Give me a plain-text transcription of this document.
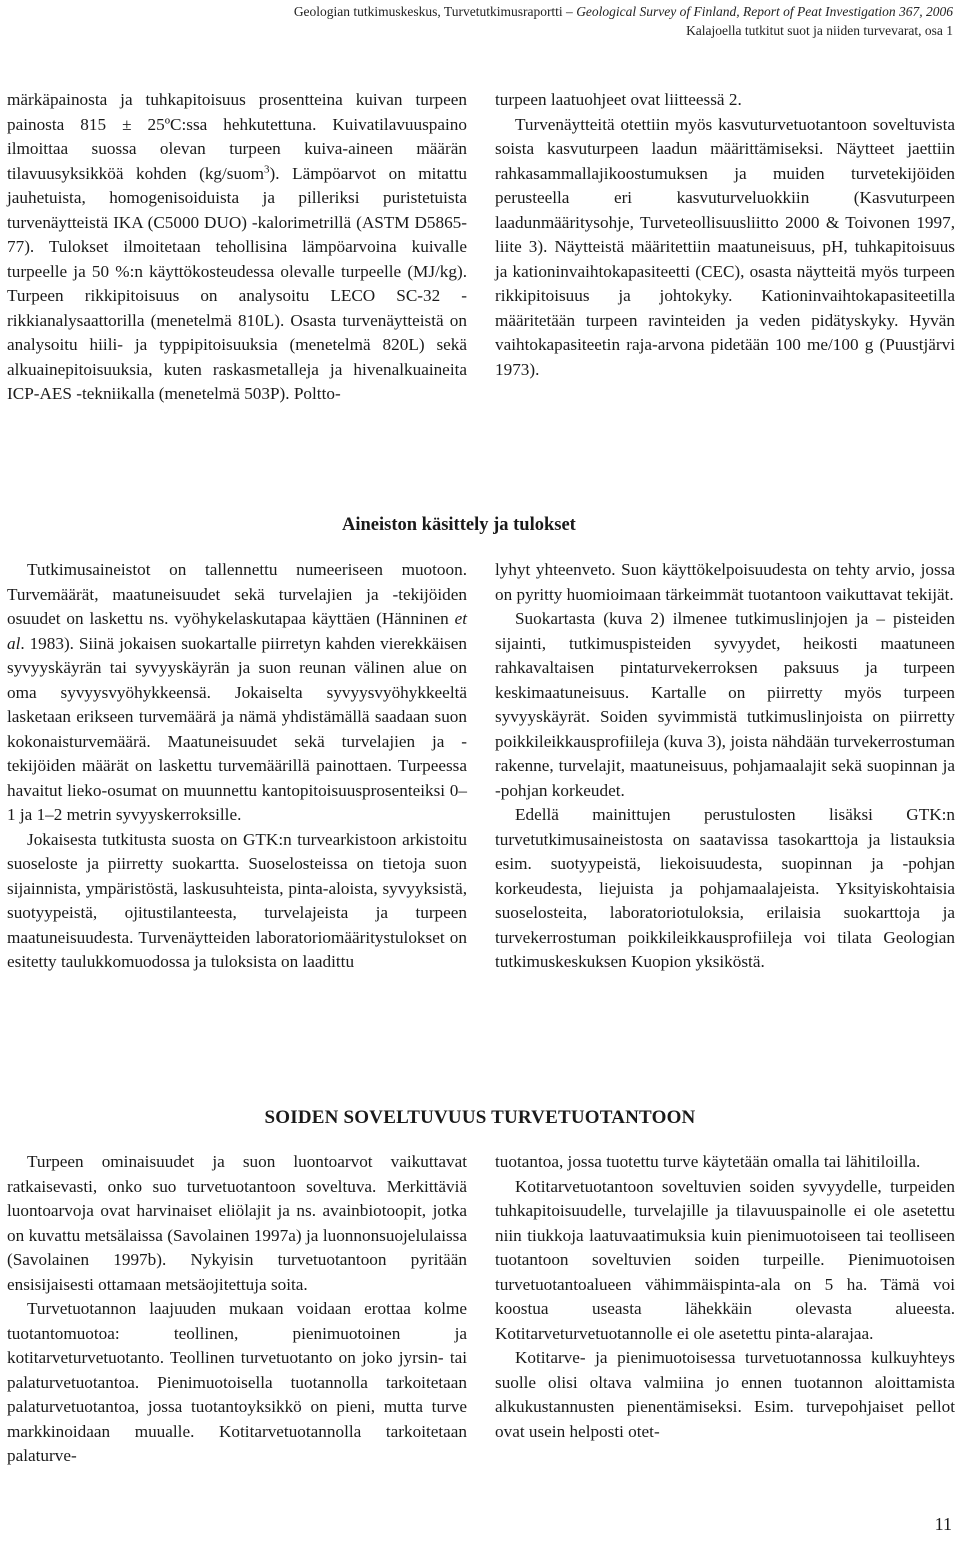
Geologian tutkimuskeskus, Turvetutkimusraportti – Geological Survey of Finland, Report of Peat Investigation 367, 2006
Kalajoella tutkitut suot ja niiden turvevarat, osa 1

märkäpainosta ja tuhkapitoisuus prosentteina kuivan turpeen painosta 815 ± 25ºC:ssa hehkutettuna. Kuivatilavuuspaino ilmoittaa suossa olevan turpeen kuiva-aineen määrän tilavuusyksikköä kohden (kg/suom$^3$). Lämpöarvot on mitattu jauhetuista, homogenisoiduista ja pilleriksi puristetuista turvenäytteistä IKA (C5000 DUO) -kalorimetrillä (ASTM D5865-77). Tulokset ilmoitetaan tehollisina lämpöarvoina kuivalle turpeelle ja 50 %:n käyttökosteudessa olevalle turpeelle (MJ/kg). Turpeen rikkipitoisuus on analysoitu LECO SC-32 -rikkianalysaattorilla (menetelmä 810L). Osasta turvenäytteistä on analysoitu hiili- ja typpipitoisuuksia (menetelmä 820L) sekä alkuainepitoisuuksia, kuten raskasmetalleja ja hivenalkuaineita ICP-AES -tekniikalla (menetelmä 503P). Poltto-

turpeen laatuohjeet ovat liitteessä 2.

Turvenäytteitä otettiin myös kasvuturvetuotantoon soveltuvista soista kasvuturpeen laadun määrittämiseksi. Näytteet jaettiin rahkasammallajikoostumuksen ja muiden turvetekijöiden perusteella eri kasvuturveluokkiin (Kasvuturpeen laadunmääritysohje, Turveteollisuusliitto 2000 & Toivonen 1997, liite 3). Näytteistä määritettiin maatuneisuus, pH, tuhkapitoisuus ja kationinvaihtokapasiteetti (CEC), osasta näytteitä myös turpeen rikkipitoisuus ja johtokyky. Kationinvaihtokapasiteetilla määritetään turpeen ravinteiden ja veden pidätyskyky. Hyvän vaihtokapasiteetin raja-arvona pidetään 100 me/100 g (Puustjärvi 1973).

Aineiston käsittely ja tulokset

Tutkimusaineistot on tallennettu numeeriseen muotoon. Turvemäärät, maatuneisuudet sekä turvelajien ja -tekijöiden osuudet on laskettu ns. vyöhykelaskutapaa käyttäen (Hänninen et al. 1983). Siinä jokaisen suokartalle piirretyn kahden vierekkäisen syvyyskäyrän tai syvyyskäyrän ja suon reunan välinen alue on oma syvyysvyöhykkeensä. Jokaiselta syvyysvyöhykkeeltä lasketaan erikseen turvemäärä ja nämä yhdistämällä saadaan suon kokonaisturvemäärä. Maatuneisuudet sekä turvelajien ja -tekijöiden määrät on laskettu turvemäärillä painottaen. Turpeessa havaitut lieko-osumat on muunnettu kantopitoisuusprosenteiksi 0–1 ja 1–2 metrin syvyyskerroksille.

Jokaisesta tutkitusta suosta on GTK:n turvearkistoon arkistoitu suoseloste ja piirretty suokartta. Suoselosteissa on tietoja suon sijainnista, ympäristöstä, laskusuhteista, pinta-aloista, syvyyksistä, suotyypeistä, ojitustilanteesta, turvelajeista ja turpeen maatuneisuudesta. Turvenäytteiden laboratoriomääritystulokset on esitetty taulukkomuodossa ja tuloksista on laadittu

lyhyt yhteenveto. Suon käyttökelpoisuudesta on tehty arvio, jossa on pyritty huomioimaan tärkeimmät tuotantoon vaikuttavat tekijät.

Suokartasta (kuva 2) ilmenee tutkimuslinjojen ja – pisteiden sijainti, tutkimuspisteiden syvyydet, heikosti maatuneen rahkavaltaisen pintaturvekerroksen paksuus ja turpeen keskimaatuneisuus. Kartalle on piirretty myös turpeen syvyyskäyrät. Soiden syvimmistä tutkimuslinjoista on piirretty poikkileikkausprofiileja (kuva 3), joista nähdään turvekerrostuman rakenne, turvelajit, maatuneisuus, pohjamaalajit sekä suopinnan ja -pohjan korkeudet.

Edellä mainittujen perustulosten lisäksi GTK:n turvetutkimusaineistosta on saatavissa tasokarttoja ja listauksia esim. suotyypeistä, liekoisuudesta, suopinnan ja -pohjan korkeudesta, liejuista ja pohjamaalajeista. Yksityiskohtaisia suoselosteita, laboratoriotuloksia, erilaisia suokarttoja ja turvekerrostuman poikkileikkausprofiileja voi tilata Geologian tutkimuskeskuksen Kuopion yksiköstä.

SOIDEN SOVELTUVUUS TURVETUOTANTOON

Turpeen ominaisuudet ja suon luontoarvot vaikuttavat ratkaisevasti, onko suo turvetuotantoon soveltuva. Merkittäviä luontoarvoja ovat harvinaiset eliölajit ja ns. avainbiotoopit, jotka on kuvattu metsälaissa (Savolainen 1997a) ja luonnonsuojelulaissa (Savolainen 1997b). Nykyisin turvetuotantoon pyritään ensisijaisesti ottamaan metsäojitettuja soita.

Turvetuotannon laajuuden mukaan voidaan erottaa kolme tuotantomuotoa: teollinen, pienimuotoinen ja kotitarveturvetuotanto. Teollinen turvetuotanto on joko jyrsin- tai palaturvetuotantoa. Pienimuotoisella tuotannolla tarkoitetaan palaturvetuotantoa, jossa tuotantoyksikkö on pieni, mutta turve markkinoidaan muualle. Kotitarvetuotannolla tarkoitetaan palaturve-

tuotantoa, jossa tuotettu turve käytetään omalla tai lähitiloilla.

Kotitarvetuotantoon soveltuvien soiden syvyydelle, turpeiden tuhkapitoisuudelle, turvelajille ja tilavuuspainolle ei ole asetettu niin tiukkoja laatuvaatimuksia kuin pienimuotoiseen tai teolliseen tuotantoon soveltuvien soiden turpeille. Pienimuotoisen turvetuotantoalueen vähimmäispinta-ala on 5 ha. Tämä voi koostua useasta lähekkäin olevasta alueesta. Kotitarveturvetuotannolle ei ole asetettu pinta-alarajaa.

Kotitarve- ja pienimuotoisessa turvetuotannossa kulkuyhteys suolle olisi oltava valmiina jo ennen tuotannon aloittamista alkukustannusten pienentämiseksi. Esim. turvepohjaiset pellot ovat usein helposti otet-

11
